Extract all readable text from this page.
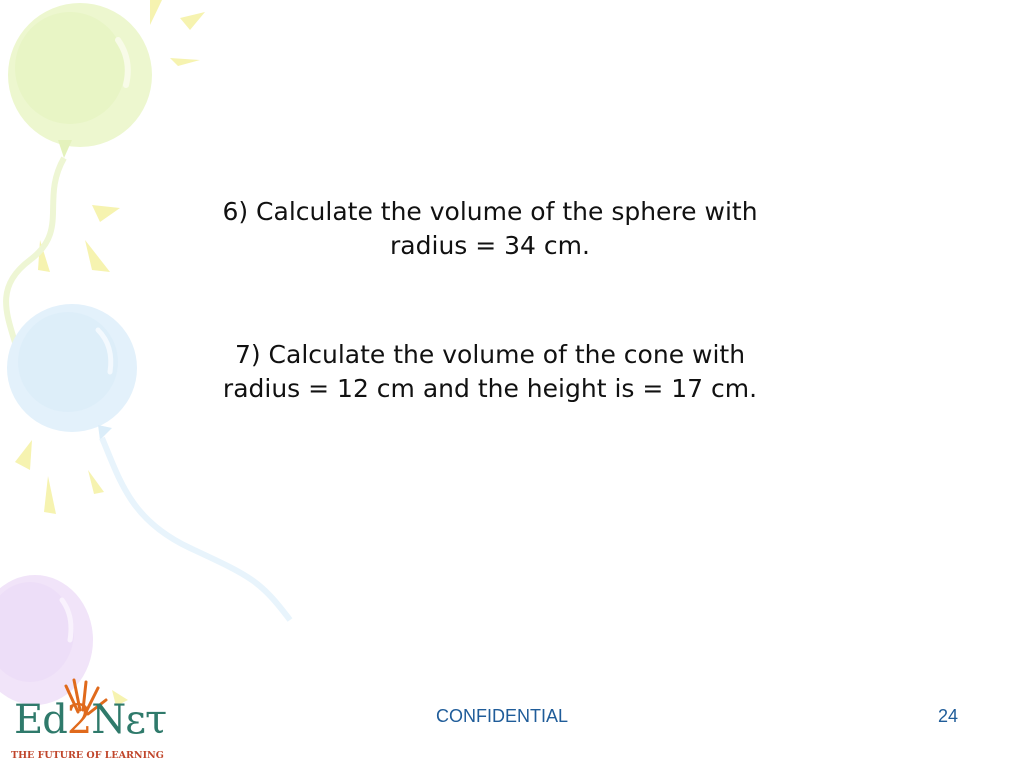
6) Calculate the volume of the sphere with
radius = 34 cm.
7) Calculate the volume of the cone with
radius = 12 cm and the height is = 17 cm.
Ed2Nετ
THE FUTURE OF LEARNING
CONFIDENTIAL	24
